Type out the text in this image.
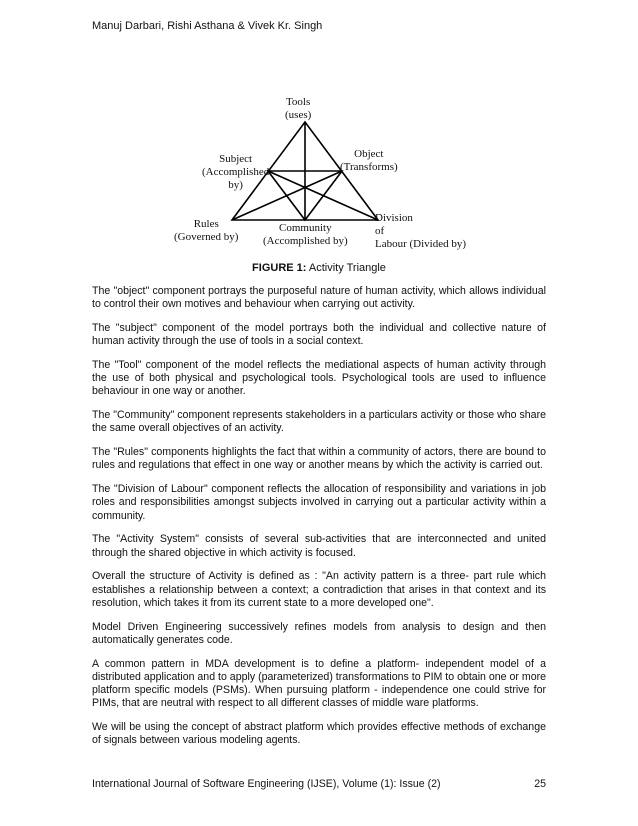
Manuj Darbari, Rishi Asthana & Vivek Kr. Singh
Tools
(uses)
Subject
(Accomplished
by)
Object
(Transforms)
Rules
(Governed by)
Community
(Accomplished by)
Division
of
Labour (Divided by)
FIGURE 1: Activity Triangle

The "object" component portrays the purposeful nature of human activity, which allows individual to control their own motives and behaviour when carrying out activity.

The "subject" component of the model portrays both the individual and collective nature of human activity through the use of tools in a social context.

The "Tool" component of the model reflects the mediational aspects of human activity through the use of both physical and psychological tools. Psychological tools are used to influence behaviour in one way or another.

The "Community" component represents stakeholders in a particulars activity or those who share the same overall objectives of an activity.

The "Rules" components highlights the fact that within a community of actors, there are bound to rules and regulations that effect in one way or another means by which the activity is carried out.

The "Division of Labour" component reflects the allocation of responsibility and variations in job roles and responsibilities amongst subjects involved in carrying out a particular activity within a community.

The "Activity System" consists of several sub-activities that are interconnected and united through the shared objective in which activity is focused.

Overall the structure of Activity is defined as : "An activity pattern is a three- part rule which establishes a relationship between a context; a contradiction that arises in that context and its resolution, which takes it from its current state to a more developed one".

Model Driven Engineering successively refines models from analysis to design and then automatically generates code.

A common pattern in MDA development is to define a platform- independent model of a distributed application and to apply (parameterized) transformations to PIM to obtain one or more platform specific models (PSMs). When pursuing platform - independence one could strive for PIMs, that are neutral with respect to all different classes of middle ware platforms.

We will be using the concept of abstract platform which provides effective methods of exchange of signals between various modeling agents.

International Journal of Software Engineering (IJSE), Volume (1): Issue (2)	25
